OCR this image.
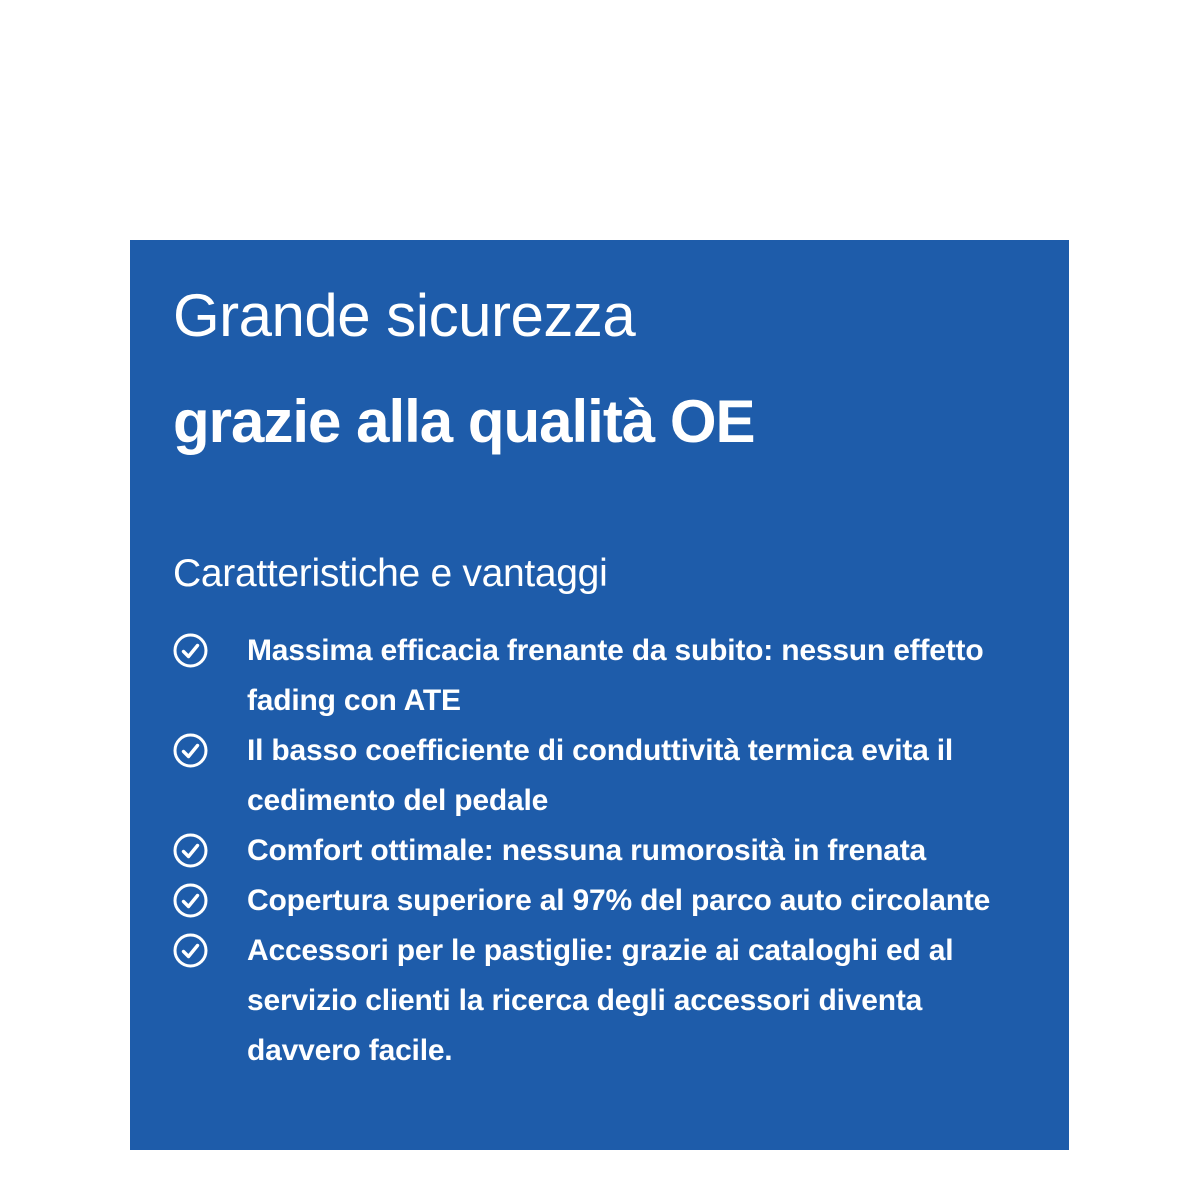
Grande sicurezza
grazie alla qualità OE
Caratteristiche e vantaggi
Massima efficacia frenante da subito: nessun effetto
fading con ATE
Il basso coefficiente di conduttività termica evita il
cedimento del pedale
Comfort ottimale: nessuna rumorosità in frenata
Copertura superiore al 97% del parco auto circolante
Accessori per le pastiglie: grazie ai cataloghi ed al
servizio clienti la ricerca degli accessori diventa
davvero facile.
